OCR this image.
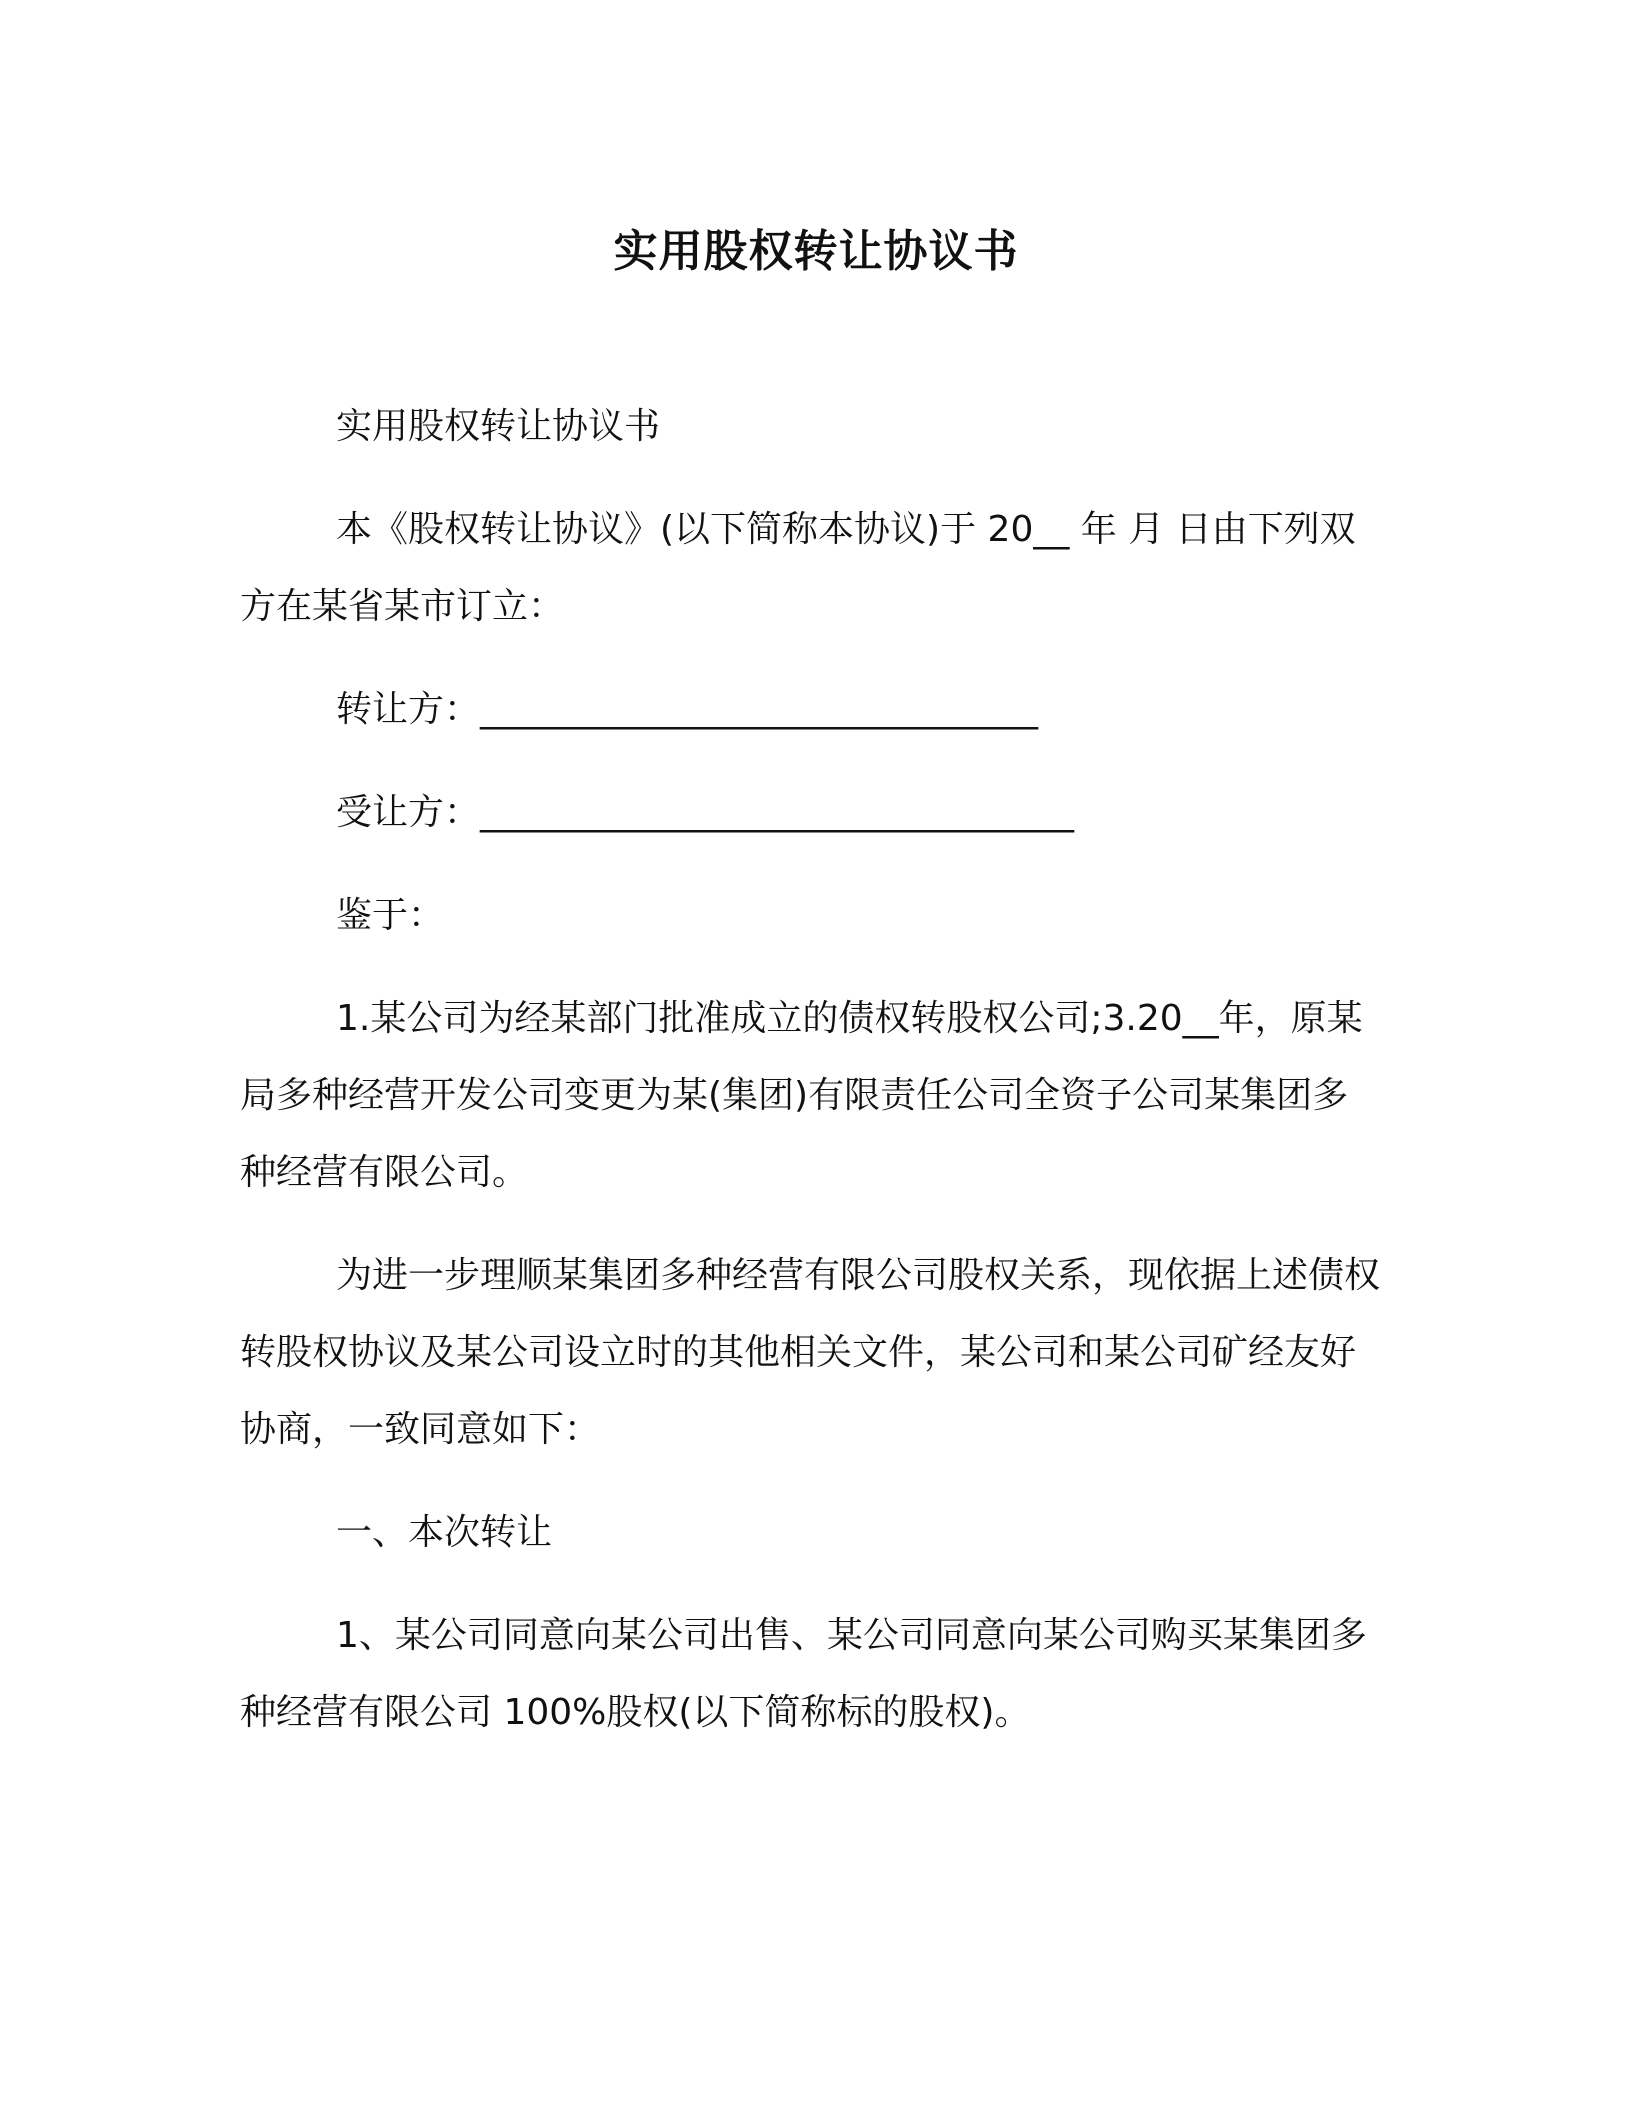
实用股权转让协议书

实用股权转让协议书

本《股权转让协议》(以下简称本协议)于 20__ 年 月 日由下列双方在某省某市订立：

转让方：_______________________________

受让方：_________________________________

鉴于：

1.某公司为经某部门批准成立的债权转股权公司;3.20__年，原某局多种经营开发公司变更为某(集团)有限责任公司全资子公司某集团多种经营有限公司。

为进一步理顺某集团多种经营有限公司股权关系，现依据上述债权转股权协议及某公司设立时的其他相关文件，某公司和某公司矿经友好协商，一致同意如下：

一、本次转让

1、某公司同意向某公司出售、某公司同意向某公司购买某集团多种经营有限公司 100%股权(以下简称标的股权)。
